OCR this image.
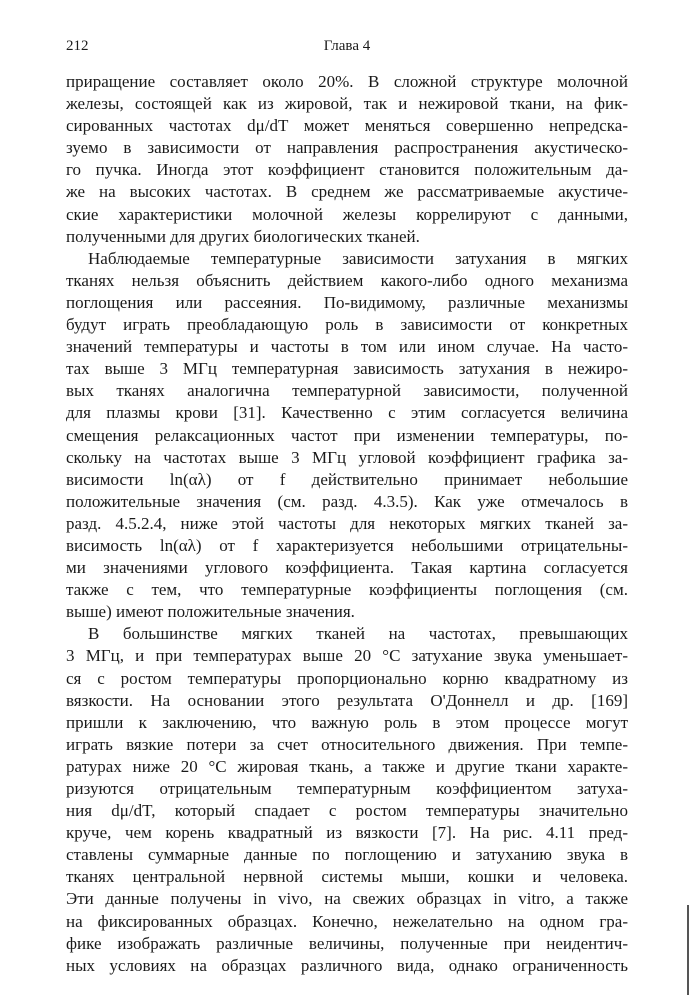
212	Глава 4
приращение составляет около 20%. В сложной структуре молочной
железы, состоящей как из жировой, так и нежировой ткани, на фик-
сированных частотах dμ/dT может меняться совершенно непредска-
зуемо в зависимости от направления распространения акустическо-
го пучка. Иногда этот коэффициент становится положительным да-
же на высоких частотах. В среднем же рассматриваемые акустиче-
ские характеристики молочной железы коррелируют с данными,
полученными для других биологических тканей.
Наблюдаемые температурные зависимости затухания в мягких
тканях нельзя объяснить действием какого-либо одного механизма
поглощения или рассеяния. По-видимому, различные механизмы
будут играть преобладающую роль в зависимости от конкретных
значений температуры и частоты в том или ином случае. На часто-
тах выше 3 МГц температурная зависимость затухания в нежиро-
вых тканях аналогична температурной зависимости, полученной
для плазмы крови [31]. Качественно с этим согласуется величина
смещения релаксационных частот при изменении температуры, по-
скольку на частотах выше 3 МГц угловой коэффициент графика за-
висимости ln(αλ) от f действительно принимает небольшие
положительные значения (см. разд. 4.3.5). Как уже отмечалось в
разд. 4.5.2.4, ниже этой частоты для некоторых мягких тканей за-
висимость ln(αλ) от f характеризуется небольшими отрицательны-
ми значениями углового коэффициента. Такая картина согласуется
также с тем, что температурные коэффициенты поглощения (см.
выше) имеют положительные значения.
В большинстве мягких тканей на частотах, превышающих
3 МГц, и при температурах выше 20 °С затухание звука уменьшает-
ся с ростом температуры пропорционально корню квадратному из
вязкости. На основании этого результата О'Доннелл и др. [169]
пришли к заключению, что важную роль в этом процессе могут
играть вязкие потери за счет относительного движения. При темпе-
ратурах ниже 20 °С жировая ткань, а также и другие ткани характе-
ризуются отрицательным температурным коэффициентом затуха-
ния dμ/dT, который спадает с ростом температуры значительно
круче, чем корень квадратный из вязкости [7]. На рис. 4.11 пред-
ставлены суммарные данные по поглощению и затуханию звука в
тканях центральной нервной системы мыши, кошки и человека.
Эти данные получены in vivo, на свежих образцах in vitro, а также
на фиксированных образцах. Конечно, нежелательно на одном гра-
фике изображать различные величины, полученные при неидентич-
ных условиях на образцах различного вида, однако ограниченность
